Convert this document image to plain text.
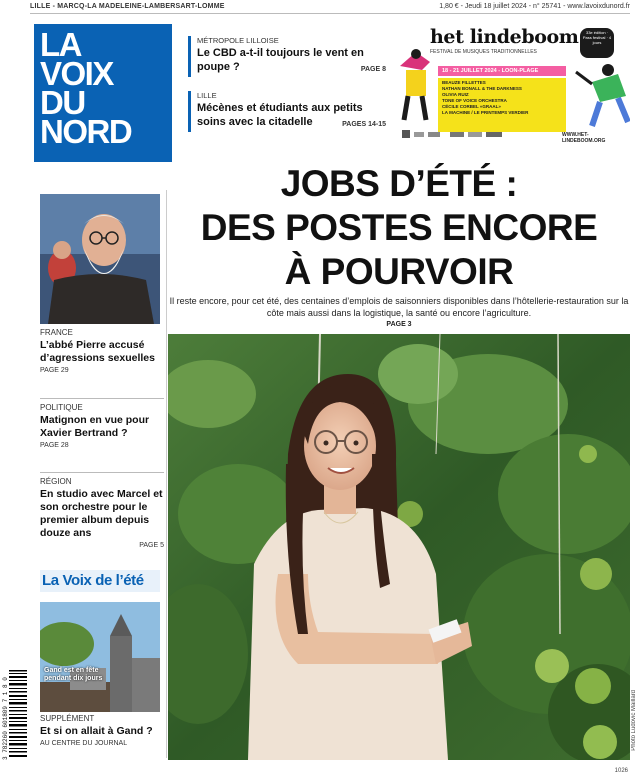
LILLE - MARCQ-LA MADELEINE-LAMBERSART-LOMME	1,80 € - Jeudi 18 juillet 2024 - n° 25741 - www.lavoixdunord.fr
LA
VOIX
DU
NORD
MÉTROPOLE LILLOISE
Le CBD a-t-il toujours le vent en poupe ?	PAGE 8
LILLE
Mécènes et étudiants aux petits soins avec la citadelle	PAGES 14-15
het lindeboom
FESTIVAL DE MUSIQUES TRADITIONNELLES
33e édition · Pass festival · 4 jours
18 - 21 JUILLET 2024 - LOON-PLAGE
BEAUZE FILLETTES
NATHAN BONALL & THE DARKNESS
OLIVIA RUIZ
TONE OF VOICE ORCHESTRA
CÉCILE CORBEL «GRAAL»
LA MACHINE / LE PRINTEMPS VERDIER
WWW.HET-LINDEBOOM.ORG
JOBS D’ÉTÉ :
DES POSTES ENCORE
À POURVOIR
Il reste encore, pour cet été, des centaines d’emplois de saisonniers disponibles dans l’hôtellerie-restauration sur la côte mais aussi dans la logistique, la santé ou encore l’agriculture.
PAGE 3
Photo Ludovic Maillard
FRANCE
L’abbé Pierre accusé d’agressions sexuelles
PAGE 29
POLITIQUE
Matignon en vue pour Xavier Bertrand ?
PAGE 28
RÉGION
En studio avec Marcel et son orchestre pour le premier album depuis douze ans
PAGE 5
La Voix de l’été
Gand est en fête pendant dix jours
SUPPLÉMENT
Et si on allait à Gand ?
AU CENTRE DU JOURNAL
3 782260 601809 7 1 8 0
1026
